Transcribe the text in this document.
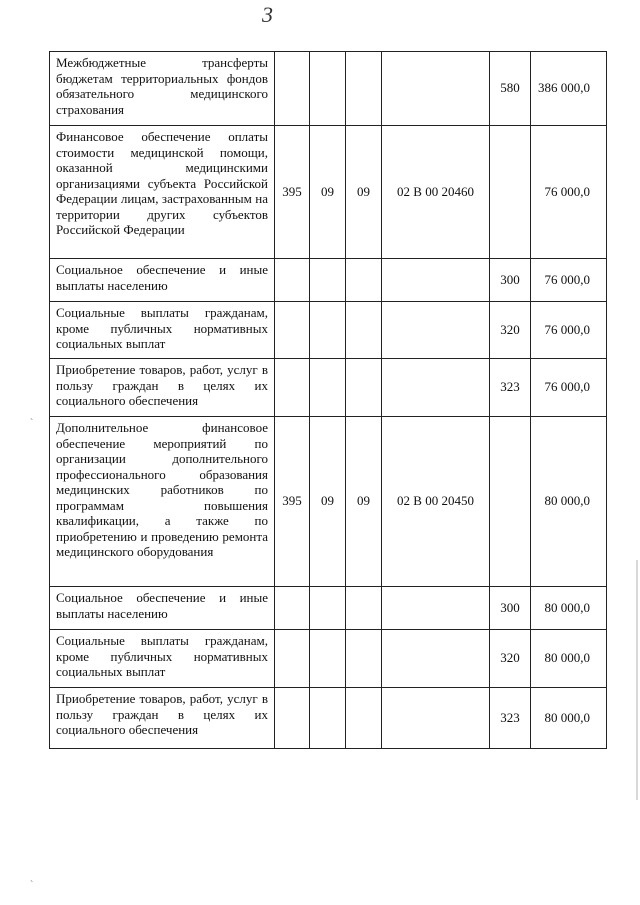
3
`
`
Межбюджетные трансферты бюджетам территориальных фондов обязательного медицинского страхования					580	386 000,0
Финансовое обеспечение оплаты стоимости медицинской помощи, оказанной медицинскими организациями субъекта Российской Федерации лицам, застрахованным на территории других субъектов Российской Федерации	395	09	09	02 В 00 20460		76 000,0
Социальное обеспечение и иные выплаты населению					300	76 000,0
Социальные выплаты гражданам, кроме публичных нормативных социальных выплат					320	76 000,0
Приобретение товаров, работ, услуг в пользу граждан в целях их социального обеспечения					323	76 000,0
Дополнительное финансовое обеспечение мероприятий по организации дополнительного профессионального образования медицинских работников по программам повышения квалификации, а также по приобретению и проведению ремонта медицинского оборудования	395	09	09	02 В 00 20450		80 000,0
Социальное обеспечение и иные выплаты населению					300	80 000,0
Социальные выплаты гражданам, кроме публичных нормативных социальных выплат					320	80 000,0
Приобретение товаров, работ, услуг в пользу граждан в целях их социального обеспечения					323	80 000,0
